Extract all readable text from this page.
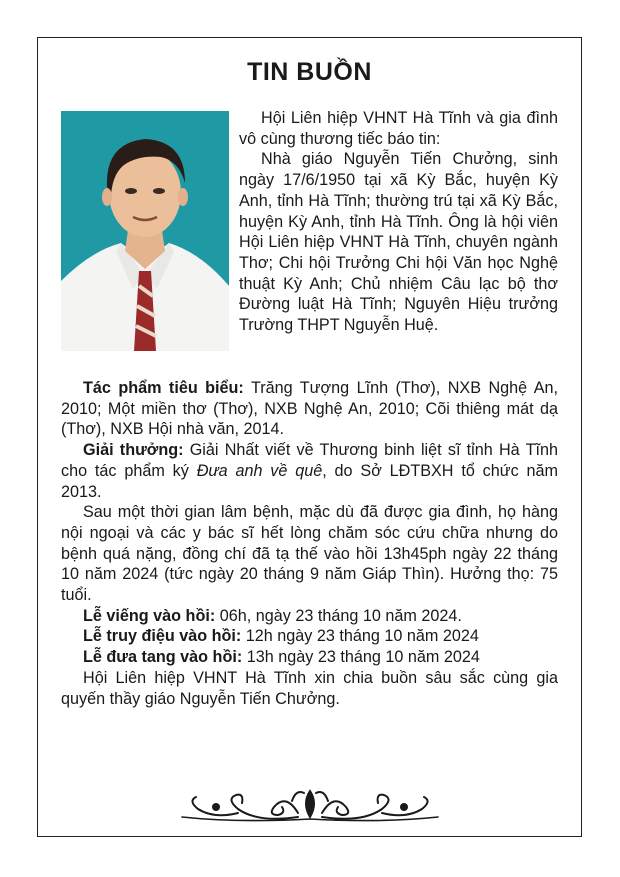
TIN BUỒN

Hội Liên hiệp VHNT Hà Tĩnh và gia đình vô cùng thương tiếc báo tin:

Nhà giáo Nguyễn Tiến Chưởng, sinh ngày 17/6/1950 tại xã Kỳ Bắc, huyện Kỳ Anh, tỉnh Hà Tĩnh; thường trú tại xã Kỳ Bắc, huyện Kỳ Anh, tỉnh Hà Tĩnh. Ông là hội viên Hội Liên hiệp VHNT Hà Tĩnh, chuyên ngành Thơ; Chi hội Trưởng Chi hội Văn học Nghệ thuật Kỳ Anh; Chủ nhiệm Câu lạc bộ thơ Đường luật Hà Tĩnh; Nguyên Hiệu trưởng Trường THPT Nguyễn Huệ.

Tác phẩm tiêu biểu: Trăng Tượng Lĩnh (Thơ), NXB Nghệ An, 2010; Một miền thơ (Thơ), NXB Nghệ An, 2010; Cõi thiêng mát dạ (Thơ), NXB Hội nhà văn, 2014.

Giải thưởng: Giải Nhất viết về Thương binh liệt sĩ tỉnh Hà Tĩnh cho tác phẩm ký Đưa anh về quê, do Sở LĐTBXH tổ chức năm 2013.

Sau một thời gian lâm bệnh, mặc dù đã được gia đình, họ hàng nội ngoại và các y bác sĩ hết lòng chăm sóc cứu chữa nhưng do bệnh quá nặng, đồng chí đã tạ thế vào hồi 13h45ph ngày 22 tháng 10 năm 2024 (tức ngày 20 tháng 9 năm Giáp Thìn). Hưởng thọ: 75 tuổi.

Lễ viếng vào hồi: 06h, ngày 23 tháng 10 năm 2024.

Lễ truy điệu vào hồi: 12h ngày 23 tháng 10 năm 2024

Lễ đưa tang vào hồi: 13h ngày 23 tháng 10 năm 2024

Hội Liên hiệp VHNT Hà Tĩnh xin chia buồn sâu sắc cùng gia quyến thầy giáo Nguyễn Tiến Chưởng.
